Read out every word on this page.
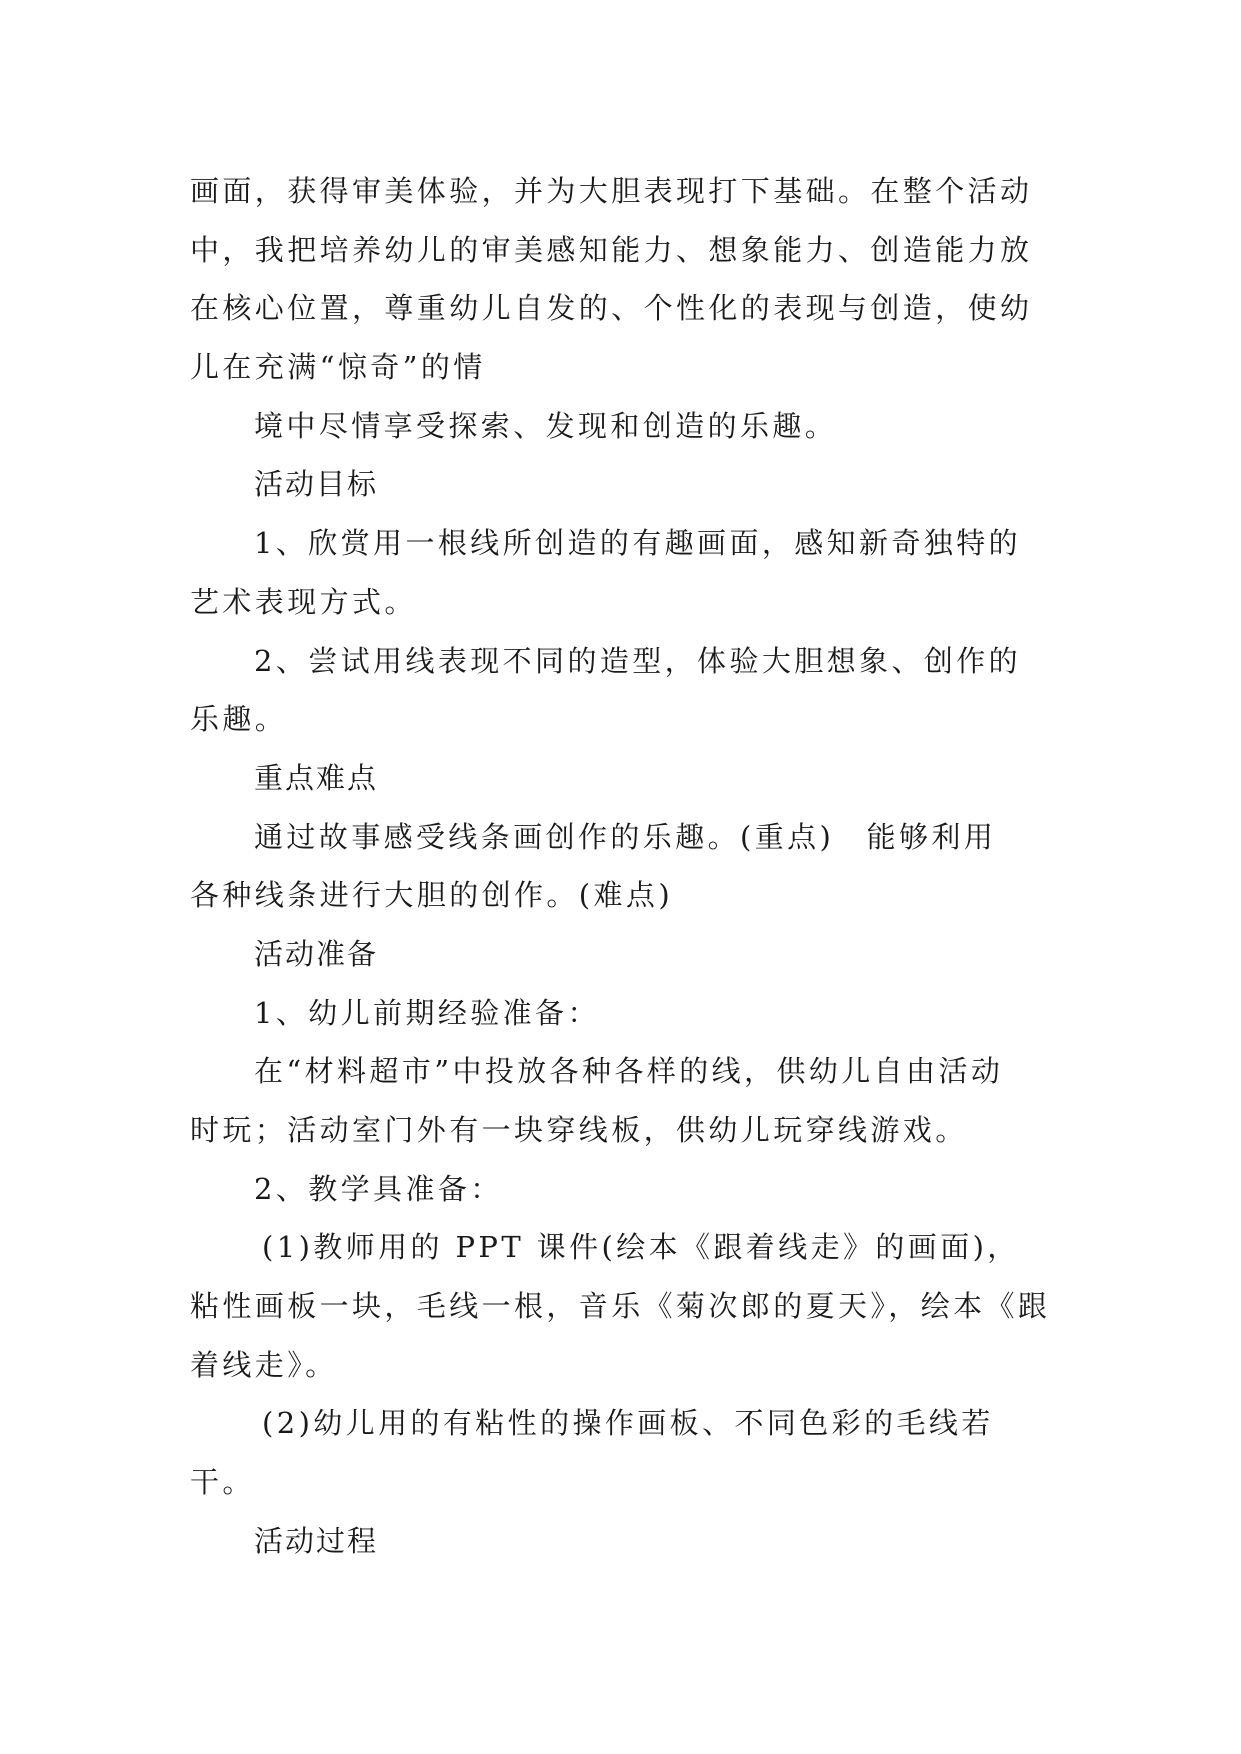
画面，获得审美体验，并为大胆表现打下基础。在整个活动
中，我把培养幼儿的审美感知能力、想象能力、创造能力放
在核心位置，尊重幼儿自发的、个性化的表现与创造，使幼
儿在充满“惊奇”的情
境中尽情享受探索、发现和创造的乐趣。
活动目标
1、欣赏用一根线所创造的有趣画面，感知新奇独特的
艺术表现方式。
2、尝试用线表现不同的造型，体验大胆想象、创作的
乐趣。
重点难点
通过故事感受线条画创作的乐趣。(重点)　能够利用
各种线条进行大胆的创作。(难点)
活动准备
1、幼儿前期经验准备：
在“材料超市”中投放各种各样的线，供幼儿自由活动
时玩；活动室门外有一块穿线板，供幼儿玩穿线游戏。
2、教学具准备：
(1)教师用的 PPT 课件(绘本《跟着线走》的画面)，
粘性画板一块，毛线一根，音乐《菊次郎的夏天》，绘本《跟
着线走》。
(2)幼儿用的有粘性的操作画板、不同色彩的毛线若
干。
活动过程
